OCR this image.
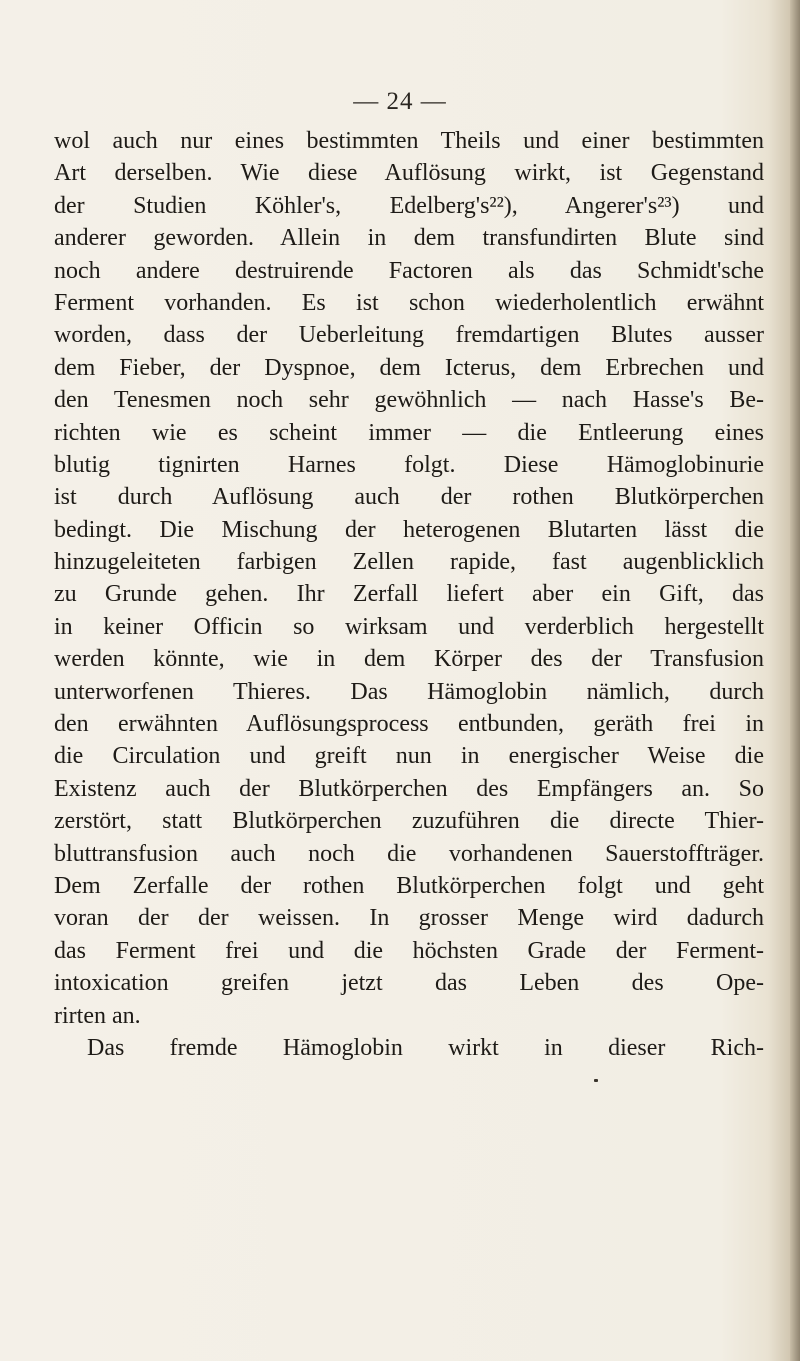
— 24 —
wol auch nur eines bestimmten Theils und einer bestimmten
Art derselben. Wie diese Auflösung wirkt, ist Gegenstand
der Studien Köhler's, Edelberg's²²), Angerer's²³) und
anderer geworden. Allein in dem transfundirten Blute sind
noch andere destruirende Factoren als das Schmidt'sche
Ferment vorhanden. Es ist schon wiederholentlich erwähnt
worden, dass der Ueberleitung fremdartigen Blutes ausser
dem Fieber, der Dyspnoe, dem Icterus, dem Erbrechen und
den Tenesmen noch sehr gewöhnlich — nach Hasse's Be-
richten wie es scheint immer — die Entleerung eines
blutig tignirten Harnes folgt. Diese Hämoglobinurie
ist durch Auflösung auch der rothen Blutkörperchen
bedingt. Die Mischung der heterogenen Blutarten lässt die
hinzugeleiteten farbigen Zellen rapide, fast augenblicklich
zu Grunde gehen. Ihr Zerfall liefert aber ein Gift, das
in keiner Officin so wirksam und verderblich hergestellt
werden könnte, wie in dem Körper des der Transfusion
unterworfenen Thieres. Das Hämoglobin nämlich, durch
den erwähnten Auflösungsprocess entbunden, geräth frei in
die Circulation und greift nun in energischer Weise die
Existenz auch der Blutkörperchen des Empfängers an. So
zerstört, statt Blutkörperchen zuzuführen die directe Thier-
bluttransfusion auch noch die vorhandenen Sauerstoffträger.
Dem Zerfalle der rothen Blutkörperchen folgt und geht
voran der der weissen. In grosser Menge wird dadurch
das Ferment frei und die höchsten Grade der Ferment-
intoxication greifen jetzt das Leben des Ope-
rirten an.
Das fremde Hämoglobin wirkt in dieser Rich-
